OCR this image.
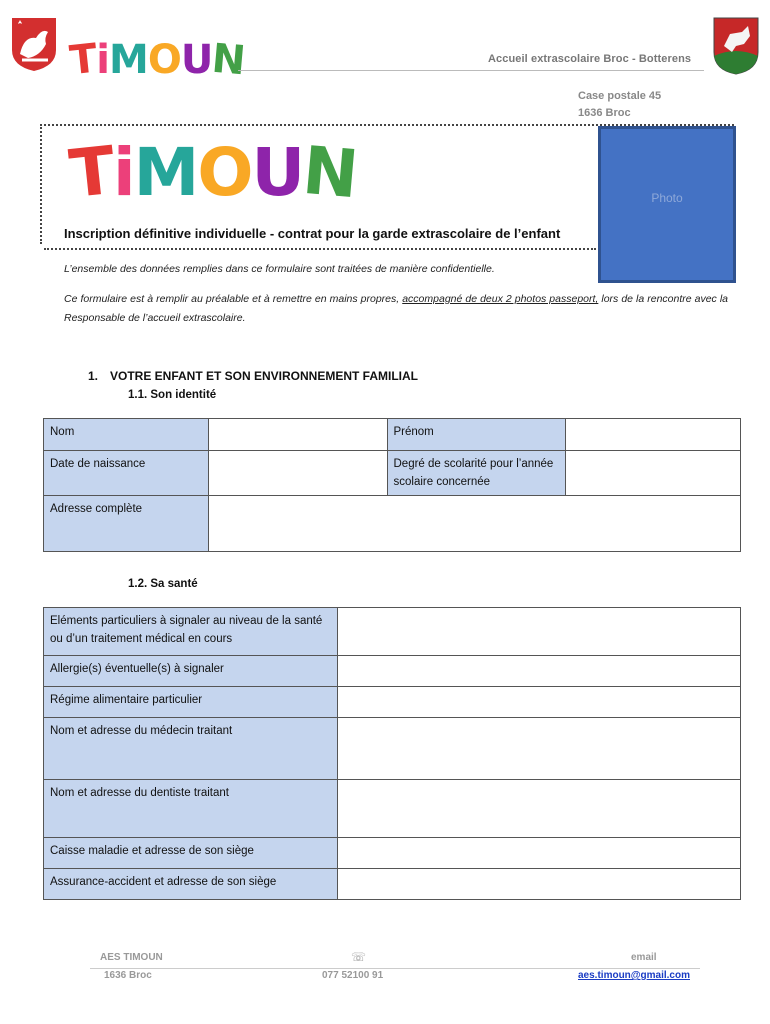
TiMOUN	Accueil extrascolaire Broc - Botterens
Case postale 45
1636 Broc
TiMOUN	Photo
Inscription définitive individuelle - contrat pour la garde extrascolaire de l’enfant
L’ensemble des données remplies dans ce formulaire sont traitées de manière confidentielle.
Ce formulaire est à remplir au préalable et à remettre en mains propres, accompagné de deux 2 photos passeport, lors de la rencontre avec la Responsable de l’accueil extrascolaire.
1. VOTRE ENFANT ET SON ENVIRONNEMENT FAMILIAL
1.1. Son identité
Nom		Prénom	
Date de naissance		Degré de scolarité pour l’année scolaire concernée	
Adresse complète			
1.2. Sa santé
Eléments particuliers à signaler au niveau de la santé ou d’un traitement médical en cours	
Allergie(s) éventuelle(s) à signaler	
Régime alimentaire particulier	
Nom et adresse du médecin traitant	
Nom et adresse du dentiste traitant	
Caisse maladie et adresse de son siège	
Assurance-accident et adresse de son siège	
AES TIMOUN	☏	email
1636 Broc	077 52100 91	aes.timoun@gmail.com
